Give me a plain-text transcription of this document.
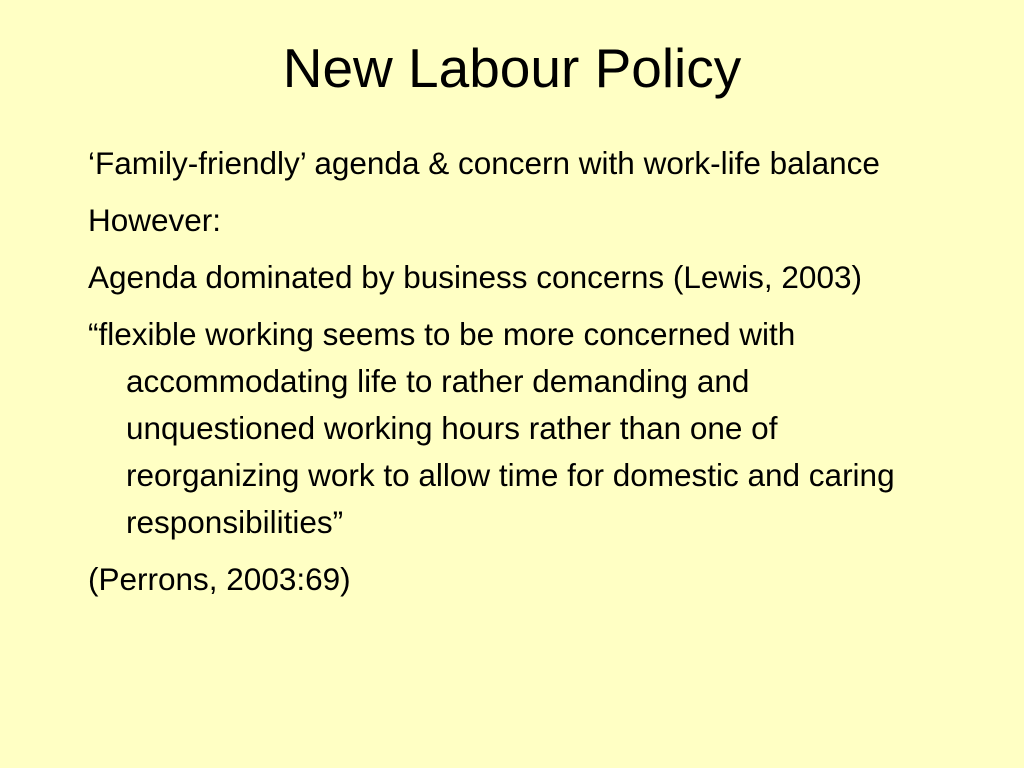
New Labour Policy
‘Family-friendly’ agenda & concern with work-life balance
However:
Agenda dominated by business concerns (Lewis, 2003)
“flexible working seems to be more concerned with accommodating life to rather demanding and unquestioned working hours rather than one of reorganizing work to allow time for domestic and caring responsibilities”
(Perrons, 2003:69)
